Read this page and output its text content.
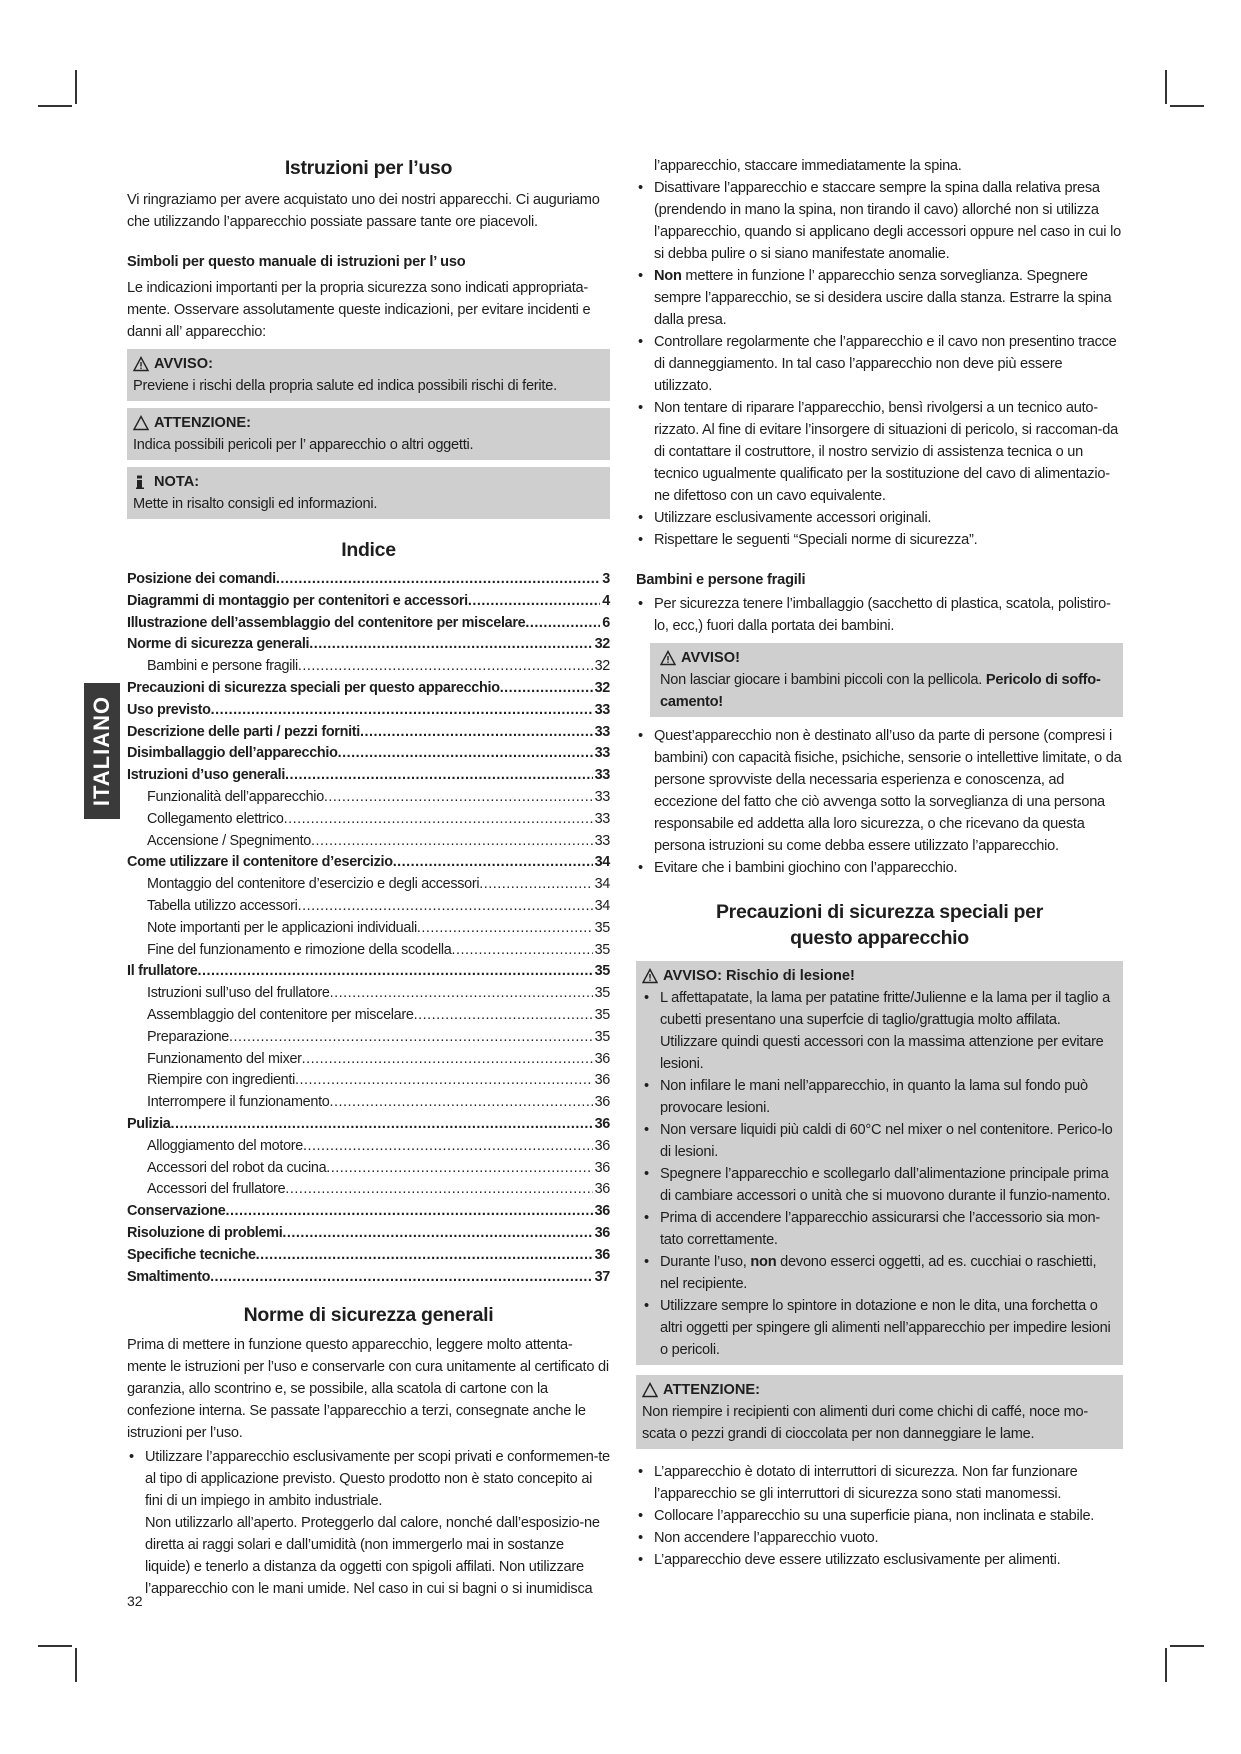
ITALIANO
Istruzioni per l’uso

Vi ringraziamo per avere acquistato uno dei nostri apparecchi. Ci auguriamo che utilizzando l’apparecchio possiate passare tante ore piacevoli.

Simboli per questo manuale di istruzioni per l’ uso

Le indicazioni importanti per la propria sicurezza sono indicati appropriata-mente. Osservare assolutamente queste indicazioni, per evitare incidenti e danni all’ apparecchio:

AVVISO:
Previene i rischi della propria salute ed indica possibili rischi di ferite.
ATTENZIONE:
Indica possibili pericoli per l’ apparecchio o altri oggetti.
NOTA:
Mette in risalto consigli ed informazioni.
Indice
Posizione dei comandi .....	3
Diagrammi di montaggio per contenitori e accessori .....	4
Illustrazione dell’assemblaggio del contenitore per miscelare .....	6
Norme di sicurezza generali .....	32
Bambini e persone fragili .....	32
Precauzioni di sicurezza speciali per questo apparecchio .....	32
Uso previsto .....	33
Descrizione delle parti / pezzi forniti .....	33
Disimballaggio dell’apparecchio .....	33
Istruzioni d’uso generali .....	33
Funzionalità dell’apparecchio .....	33
Collegamento elettrico .....	33
Accensione / Spegnimento .....	33
Come utilizzare il contenitore d’esercizio .....	34
Montaggio del contenitore d’esercizio e degli accessori .....	34
Tabella utilizzo accessori .....	34
Note importanti per le applicazioni individuali .....	35
Fine del funzionamento e rimozione della scodella .....	35
Il frullatore .....	35
Istruzioni sull’uso del frullatore .....	35
Assemblaggio del contenitore per miscelare .....	35
Preparazione .....	35
Funzionamento del mixer .....	36
Riempire con ingredienti .....	36
Interrompere il funzionamento .....	36
Pulizia .....	36
Alloggiamento del motore .....	36
Accessori del robot da cucina .....	36
Accessori del frullatore .....	36
Conservazione .....	36
Risoluzione di problemi .....	36
Specifiche tecniche .....	36
Smaltimento .....	37
Norme di sicurezza generali

Prima di mettere in funzione questo apparecchio, leggere molto attenta-mente le istruzioni per l’uso e conservarle con cura unitamente al certificato di garanzia, allo scontrino e, se possibile, alla scatola di cartone con la confezione interna. Se passate l’apparecchio a terzi, consegnate anche le istruzioni per l’uso.

• Utilizzare l’apparecchio esclusivamente per scopi privati e conformemen-te al tipo di applicazione previsto. Questo prodotto non è stato concepito ai fini di un impiego in ambito industriale.
Non utilizzarlo all’aperto. Proteggerlo dal calore, nonché dall’esposizio-ne diretta ai raggi solari e dall’umidità (non immergerlo mai in sostanze liquide) e tenerlo a distanza da oggetti con spigoli affilati. Non utilizzare l’apparecchio con le mani umide. Nel caso in cui si bagni o si inumidisca
l’apparecchio, staccare immediatamente la spina.
• Disattivare l’apparecchio e staccare sempre la spina dalla relativa presa (prendendo in mano la spina, non tirando il cavo) allorché non si utilizza l’apparecchio, quando si applicano degli accessori oppure nel caso in cui lo si debba pulire o si siano manifestate anomalie.
• Non mettere in funzione l’ apparecchio senza sorveglianza. Spegnere sempre l’apparecchio, se si desidera uscire dalla stanza. Estrarre la spina dalla presa.
• Controllare regolarmente che l’apparecchio e il cavo non presentino tracce di danneggiamento. In tal caso l’apparecchio non deve più essere utilizzato.
• Non tentare di riparare l’apparecchio, bensì rivolgersi a un tecnico auto-rizzato. Al fine di evitare l’insorgere di situazioni di pericolo, si raccoman-da di contattare il costruttore, il nostro servizio di assistenza tecnica o un tecnico ugualmente qualificato per la sostituzione del cavo di alimentazio-ne difettoso con un cavo equivalente.
• Utilizzare esclusivamente accessori originali.
• Rispettare le seguenti “Speciali norme di sicurezza”.
Bambini e persone fragili
• Per sicurezza tenere l’imballaggio (sacchetto di plastica, scatola, polistiro-lo, ecc,) fuori dalla portata dei bambini.
AVVISO!
Non lasciar giocare i bambini piccoli con la pellicola. Pericolo di soffo-camento!
• Quest’apparecchio non è destinato all’uso da parte di persone (compresi i bambini) con capacità fisiche, psichiche, sensorie o intellettive limitate, o da persone sprovviste della necessaria esperienza e conoscenza, ad eccezione del fatto che ciò avvenga sotto la sorveglianza di una persona responsabile ed addetta alla loro sicurezza, o che ricevano da questa persona istruzioni su come debba essere utilizzato l’apparecchio.
• Evitare che i bambini giochino con l’apparecchio.
Precauzioni di sicurezza speciali per
questo apparecchio
AVVISO: Rischio di lesione!
• L affettapatate, la lama per patatine fritte/Julienne e la lama per il taglio a cubetti presentano una superfcie di taglio/grattugia molto affilata. Utilizzare quindi questi accessori con la massima attenzione per evitare lesioni.
• Non infilare le mani nell’apparecchio, in quanto la lama sul fondo può provocare lesioni.
• Non versare liquidi più caldi di 60°C nel mixer o nel contenitore. Perico-lo di lesioni.
• Spegnere l’apparecchio e scollegarlo dall’alimentazione principale prima di cambiare accessori o unità che si muovono durante il funzio-namento.
• Prima di accendere l’apparecchio assicurarsi che l’accessorio sia mon-tato correttamente.
• Durante l’uso, non devono esserci oggetti, ad es. cucchiai o raschietti, nel recipiente.
• Utilizzare sempre lo spintore in dotazione e non le dita, una forchetta o altri oggetti per spingere gli alimenti nell’apparecchio per impedire lesioni o pericoli.
ATTENZIONE:
Non riempire i recipienti con alimenti duri come chichi di caffé, noce mo-scata o pezzi grandi di cioccolata per non danneggiare le lame.
• L’apparecchio è dotato di interruttori di sicurezza. Non far funzionare l’apparecchio se gli interruttori di sicurezza sono stati manomessi.
• Collocare l’apparecchio su una superficie piana, non inclinata e stabile.
• Non accendere l’apparecchio vuoto.
• L’apparecchio deve essere utilizzato esclusivamente per alimenti.
32
